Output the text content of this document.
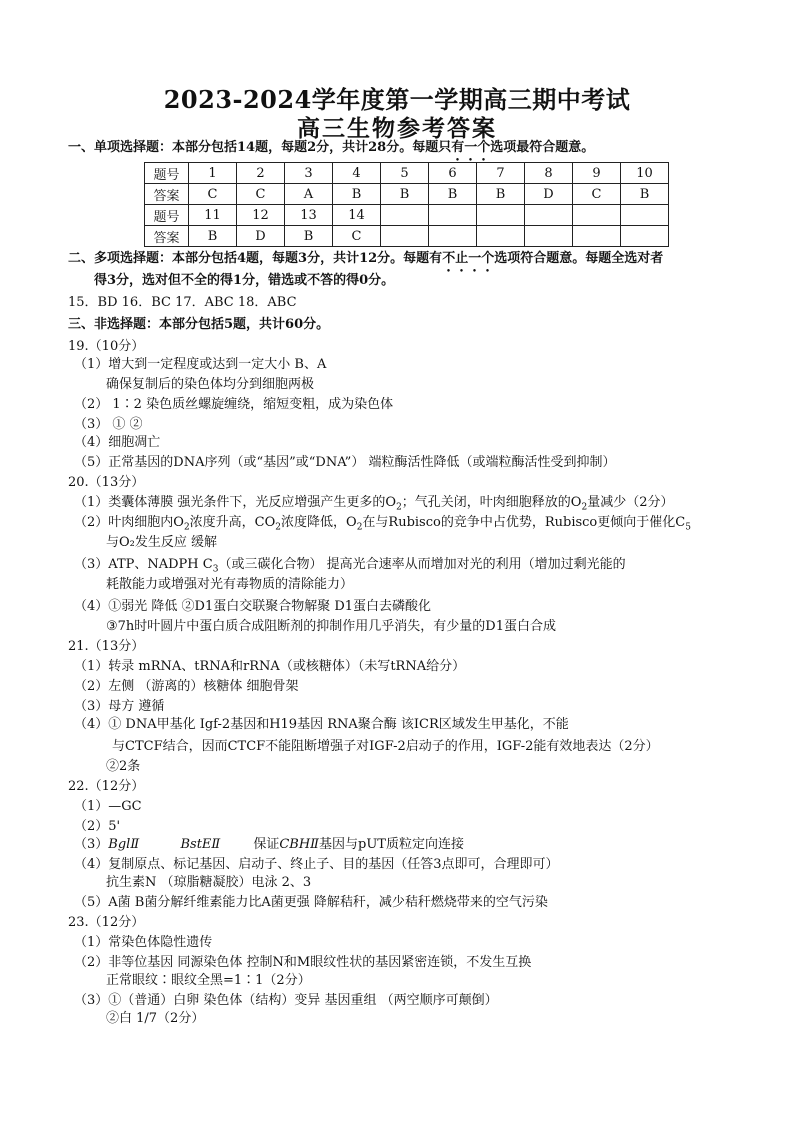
2023-2024学年度第一学期高三期中考试
高三生物参考答案
一、单项选择题：本部分包括14题，每题2分，共计28分。每题只有一个选项最符合题意。
题号	1	2	3	4	5	6	7	8	9	10
答案	C	C	A	B	B	B	B	D	C	B
题号	11	12	13	14						
答案	B	D	B	C						
二、多项选择题：本部分包括4题，每题3分，共计12分。每题有不止一个选项符合题意。每题全选对者
得3分，选对但不全的得1分，错选或不答的得0分。
15．BD 16．BC 17．ABC 18．ABC
三、非选择题：本部分包括5题，共计60分。
19.（10分）
（1）增大到一定程度或达到一定大小 B、A
确保复制后的染色体均分到细胞两极
（2） 1∶2 染色质丝螺旋缠绕，缩短变粗，成为染色体
（3） ① ②
（4）细胞凋亡
（5）正常基因的DNA序列（或“基因”或“DNA”） 端粒酶活性降低（或端粒酶活性受到抑制）
20.（13分）
（1）类囊体薄膜 强光条件下，光反应增强产生更多的$O_2$；气孔关闭，叶肉细胞释放的$O_2$量减少（2分）
（2）叶肉细胞内$O_2$浓度升高，$CO_2$浓度降低，$O_2$在与Rubisco的竞争中占优势，Rubisco更倾向于催化$C_5$
与O₂发生反应 缓解
（3）ATP、NADPH $C_3$（或三碳化合物） 提高光合速率从而增加对光的利用（增加过剩光能的
耗散能力或增强对光有毒物质的清除能力）
（4）①弱光 降低 ②D1蛋白交联聚合物解聚 D1蛋白去磷酸化
③7h时叶圆片中蛋白质合成阻断剂的抑制作用几乎消失，有少量的D1蛋白合成
21.（13分）
（1）转录 mRNA、tRNA和rRNA（或核糖体）（未写tRNA给分）
（2）左侧 （游离的）核糖体 细胞骨架
（3）母方 遵循
（4）① DNA甲基化 Igf-2基因和H19基因 RNA聚合酶 该ICR区域发生甲基化，不能
与CTCF结合，因而CTCF不能阻断增强子对IGF-2启动子的作用，IGF-2能有效地表达（2分）
②2条
22.（12分）
（1）—GC
（2）5'
（3）BglⅡ	BstEⅡ	保证CBHⅡ基因与pUT质粒定向连接
（4）复制原点、标记基因、启动子、终止子、目的基因（任答3点即可，合理即可）
抗生素N （琼脂糖凝胶）电泳 2、3
（5）A菌 B菌分解纤维素能力比A菌更强 降解秸秆，减少秸秆燃烧带来的空气污染
23.（12分）
（1）常染色体隐性遗传
（2）非等位基因 同源染色体 控制N和M眼纹性状的基因紧密连锁，不发生互换
正常眼纹∶眼纹全黑=1∶1（2分）
（3）①（普通）白卵 染色体（结构）变异 基因重组 （两空顺序可颠倒）
②白 1/7（2分）
